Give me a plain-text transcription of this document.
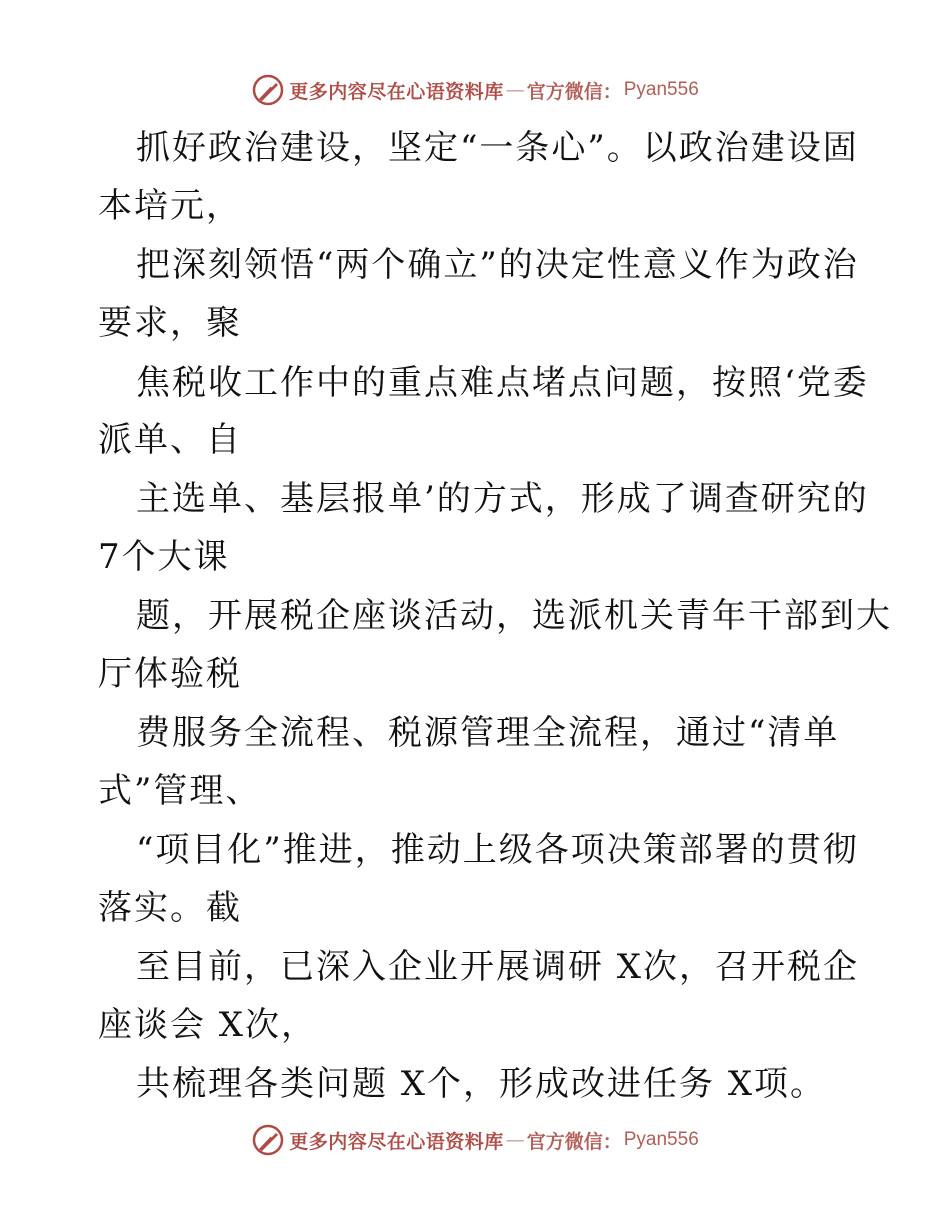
更多内容尽在心语资料库 — 官方微信： Pyan556
抓好政治建设，坚定“一条心”。以政治建设固
本培元，
把深刻领悟“两个确立”的决定性意义作为政治
要求，聚
焦税收工作中的重点难点堵点问题，按照‘党委
派单、自
主选单、基层报单’的方式，形成了调查研究的
7个大课
题，开展税企座谈活动，选派机关青年干部到大
厅体验税
费服务全流程、税源管理全流程，通过“清单
式”管理、
“项目化”推进，推动上级各项决策部署的贯彻
落实。截
至目前，已深入企业开展调研 X次，召开税企
座谈会 X次，
共梳理各类问题 X个，形成改进任务 X项。
更多内容尽在心语资料库 — 官方微信： Pyan556
